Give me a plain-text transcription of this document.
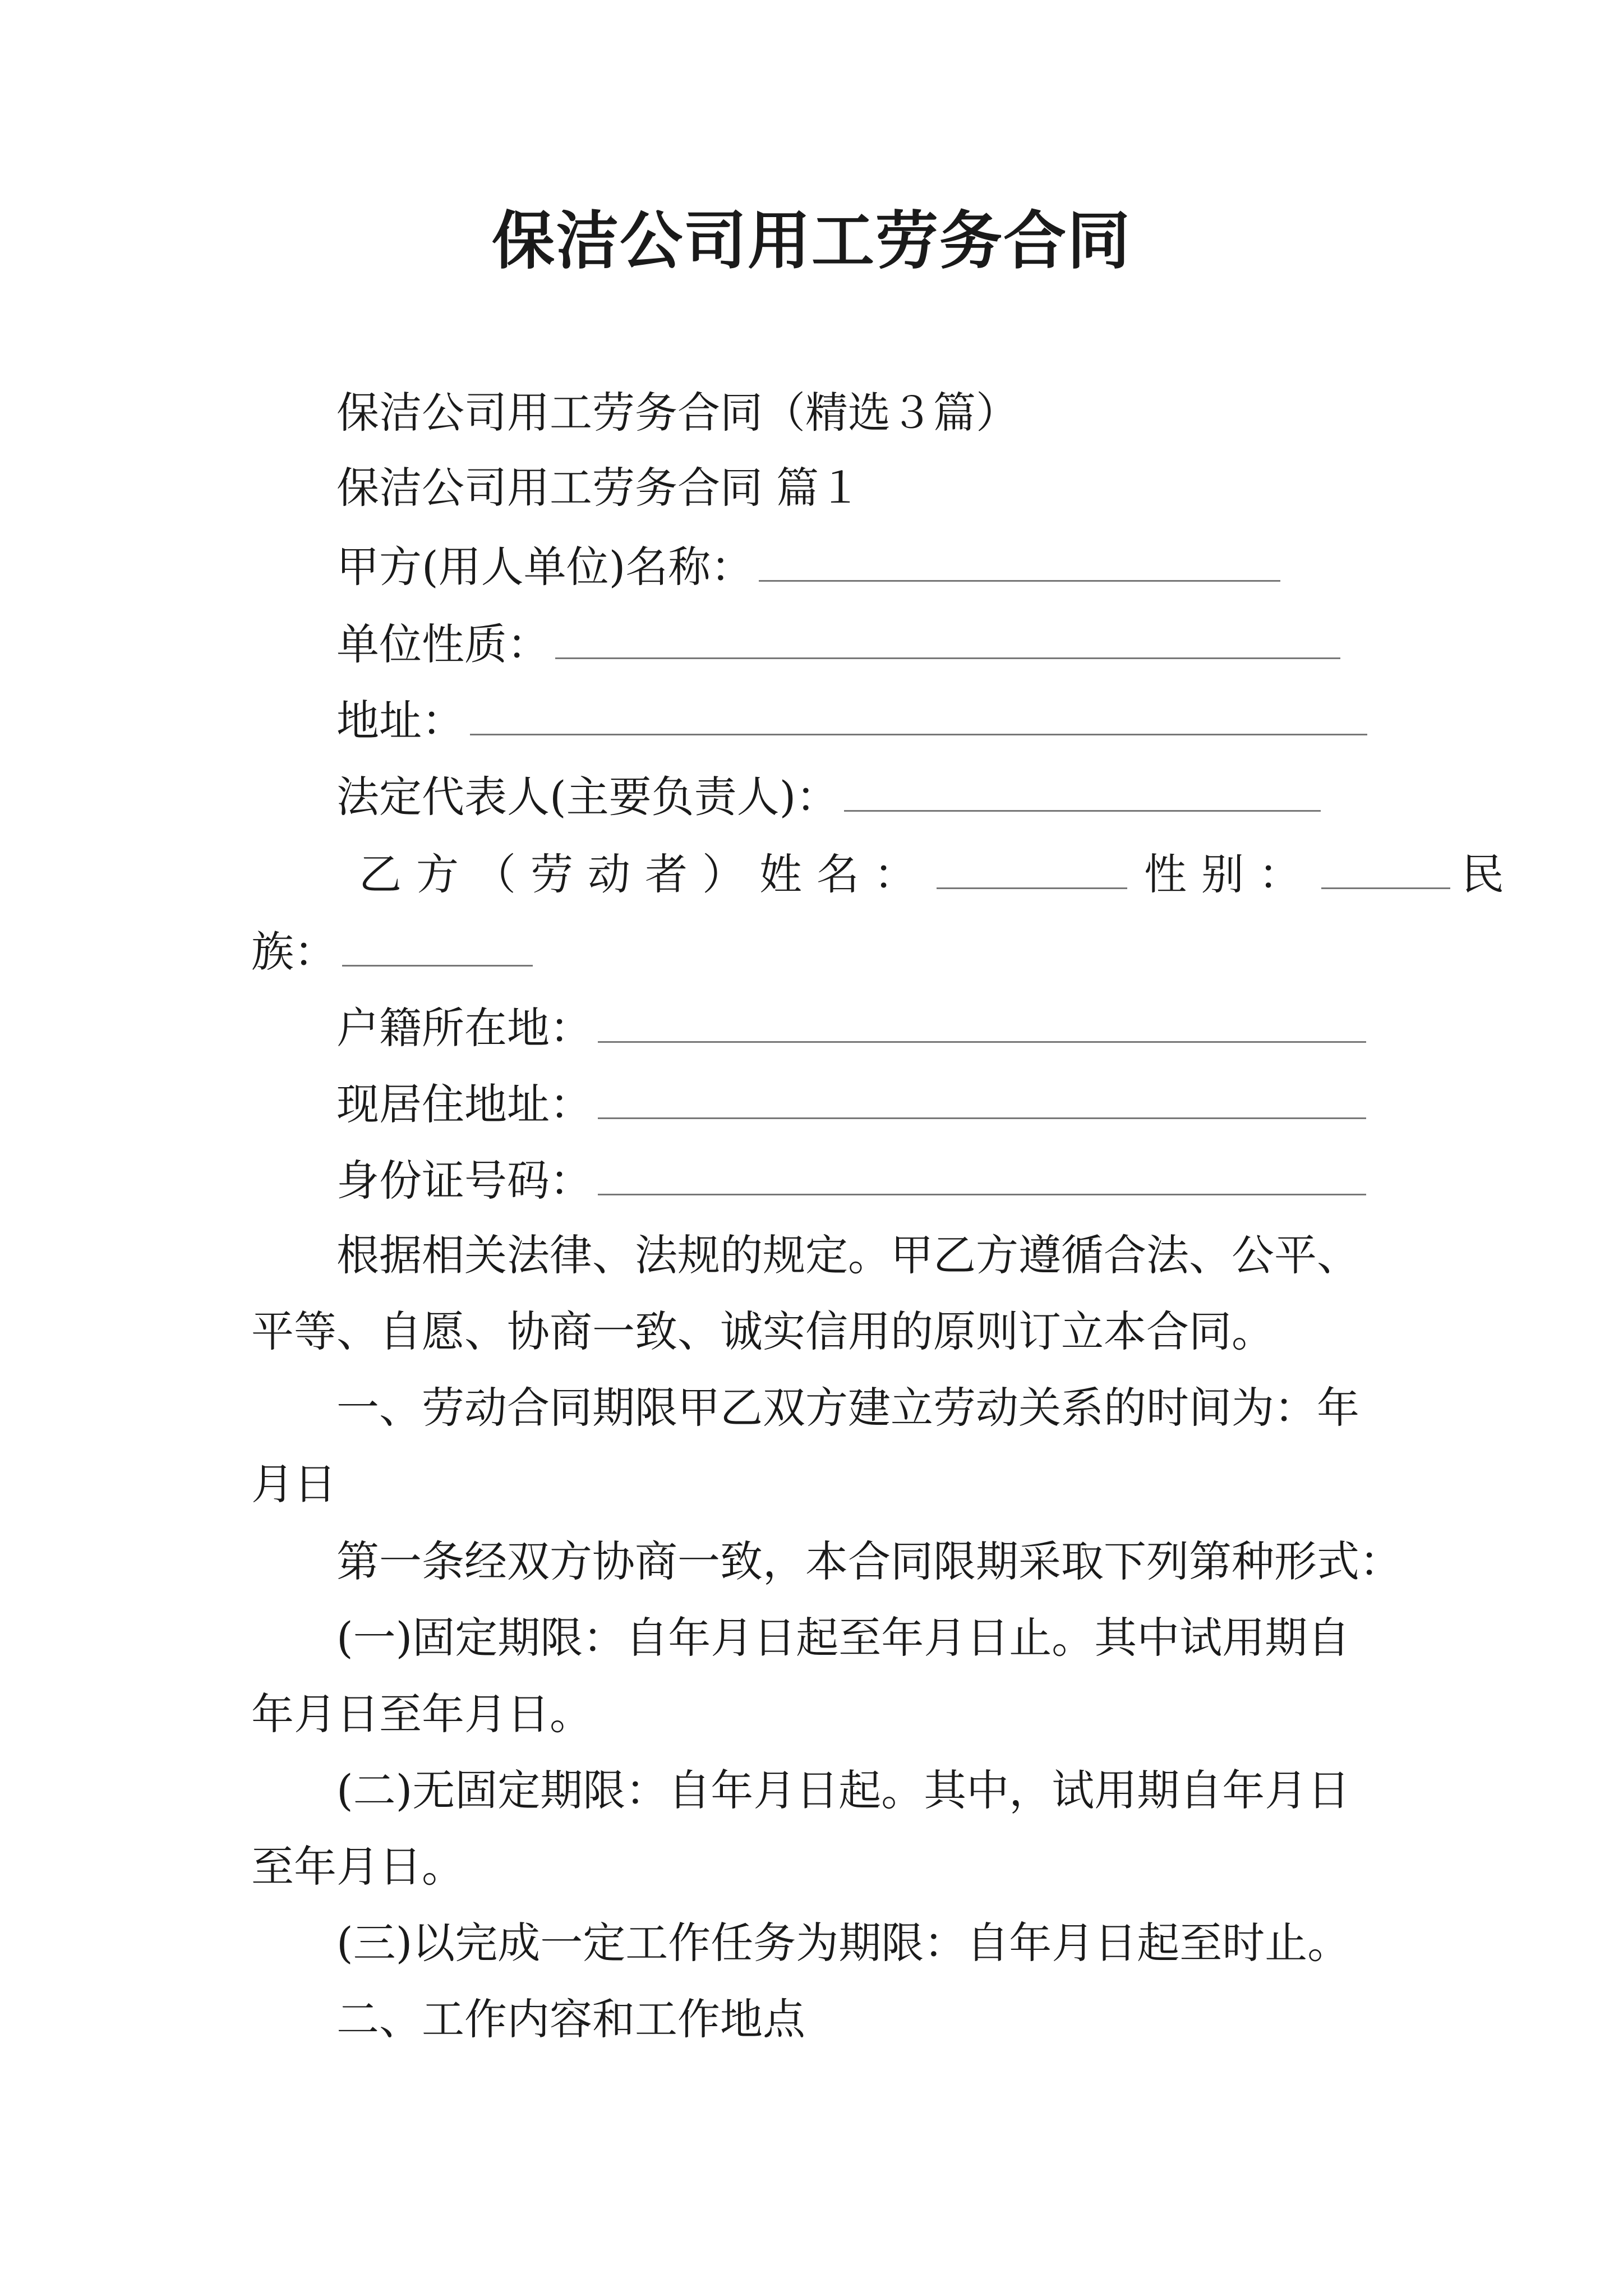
保洁公司用工劳务合同
保洁公司用工劳务合同（精选３篇）
保洁公司用工劳务合同 篇１
甲方(用人单位)名称：
单位性质：
地址：
法定代表人(主要负责人)：
乙方（劳动者）姓名：	性别：	民
族：
户籍所在地：
现居住地址：
身份证号码：
根据相关法律、法规的规定。甲乙方遵循合法、公平、
平等、自愿、协商一致、诚实信用的原则订立本合同。
一、劳动合同期限甲乙双方建立劳动关系的时间为：年
月日
第一条经双方协商一致，本合同限期采取下列第种形式：
(一)固定期限：自年月日起至年月日止。其中试用期自
年月日至年月日。
(二)无固定期限：自年月日起。其中，试用期自年月日
至年月日。
(三)以完成一定工作任务为期限：自年月日起至时止。
二、工作内容和工作地点
